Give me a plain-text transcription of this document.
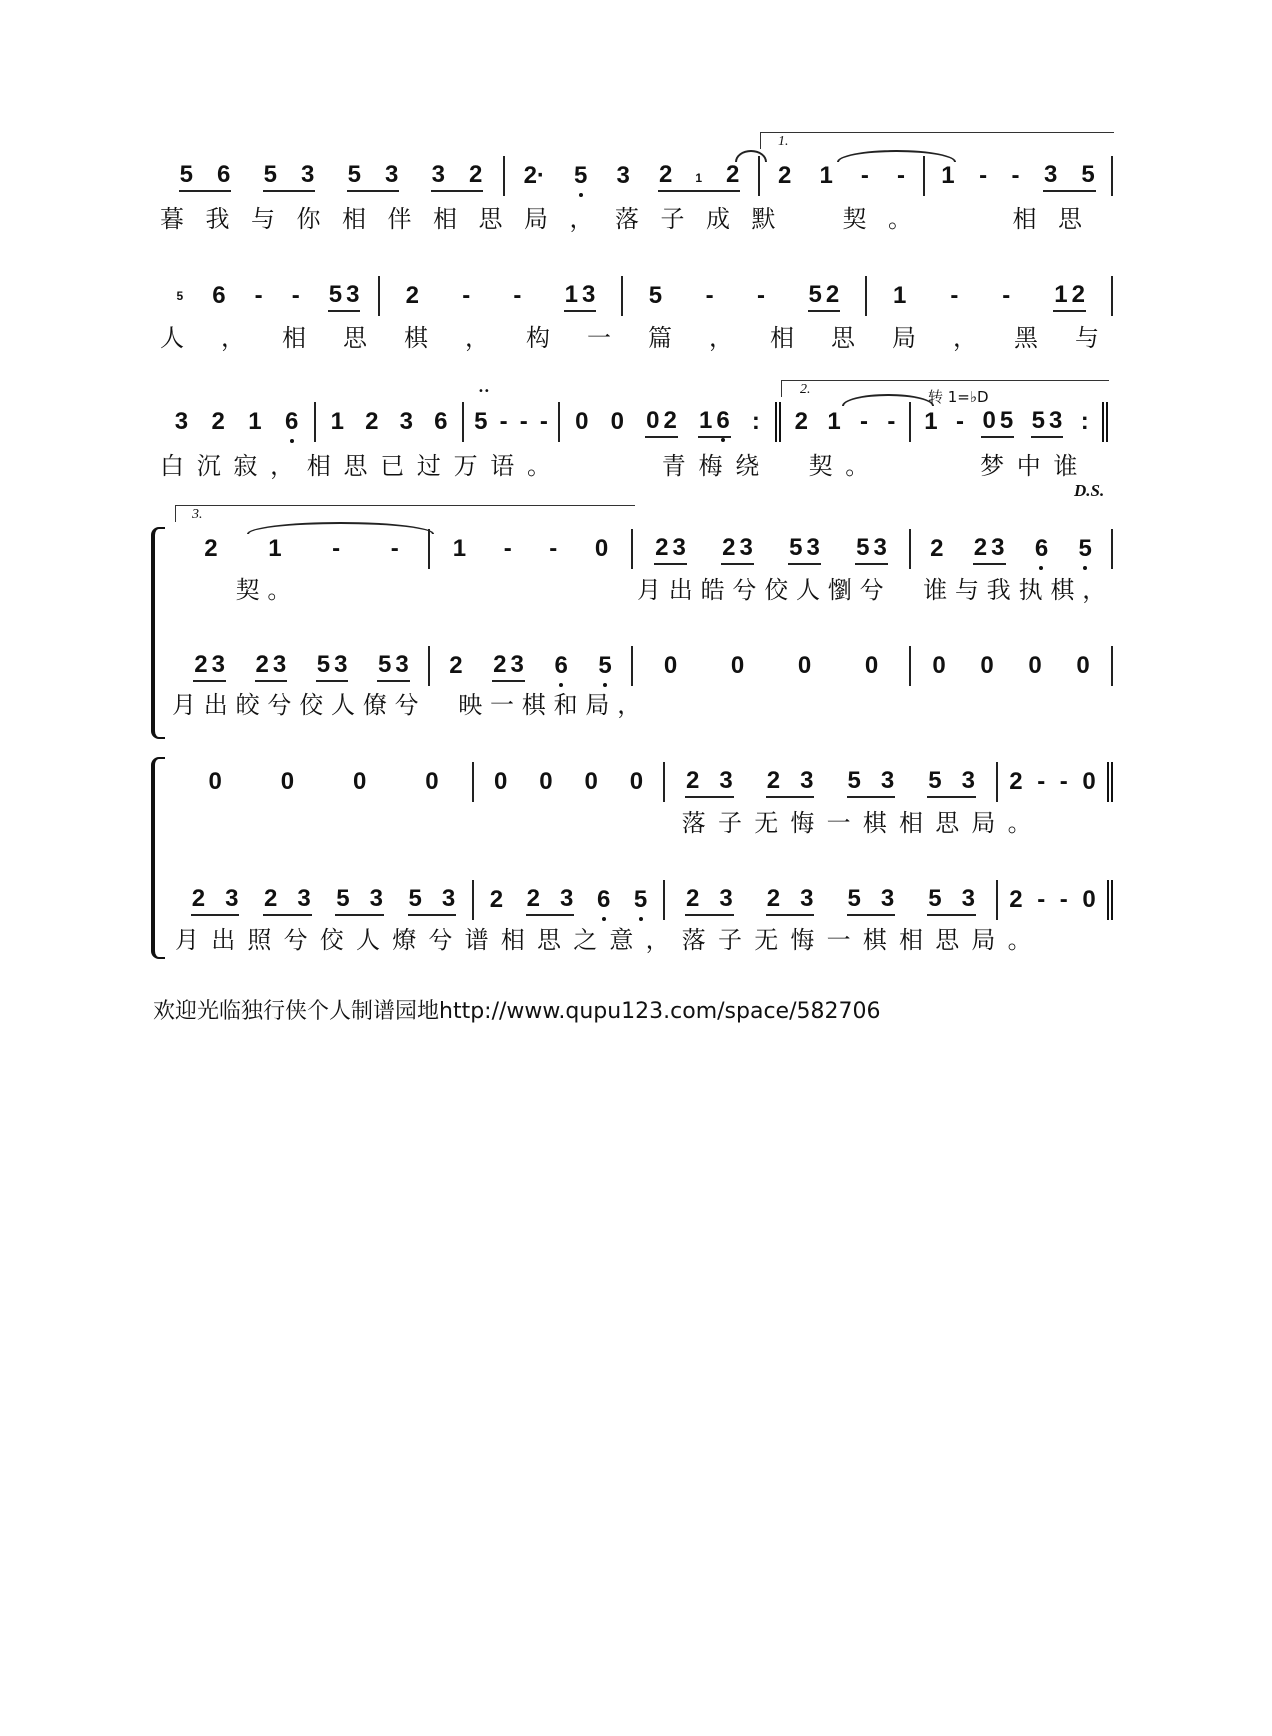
暮我与你相伴相思局，落子成默　契。　　相思
人，相思棋，构一篇，相思局，黑与
白沉寂，相思已过万语。　　　青梅绕　契。　　　梦中谁
　　契。　　　　　　　　　　　月出皓兮佼人懰兮　谁与我执棋，
月出皎兮佼人僚兮　映一棋和局，
　　　　　　　　　　　　　　落子无悔一棋相思局。
月出照兮佼人燎兮谱相思之意，落子无悔一棋相思局。
1.
••	2.	转 1=♭D
D.S.
3.
欢迎光临独行侠个人制谱园地http://www.qupu123.com/space/582706
5 6 5 3 5 3 3 2 2· 5 3 2 1 2 2 1 - - 1 - - 3 5
5 6 - - 5 3 2 - - 1 3 5 - - 5 2 1 - - 1 2
3 2 1 6 1 2 3 6 5 - - - 0 0 0 2 1 6 : 2 1 - - 1 - 0 5 5 3 :
2 1 - - 1 - - 0 2 3 2 3 5 3 5 3 2 2 3 6 5
2 3 2 3 5 3 5 3 2 2 3 6 5 0 0 0 0 0 0 0 0
0 0 0 0 0 0 0 0 2 3 2 3 5 3 5 3 2 - - 0
2 3 2 3 5 3 5 3 2 2 3 6 5 2 3 2 3 5 3 5 3 2 - - 0
